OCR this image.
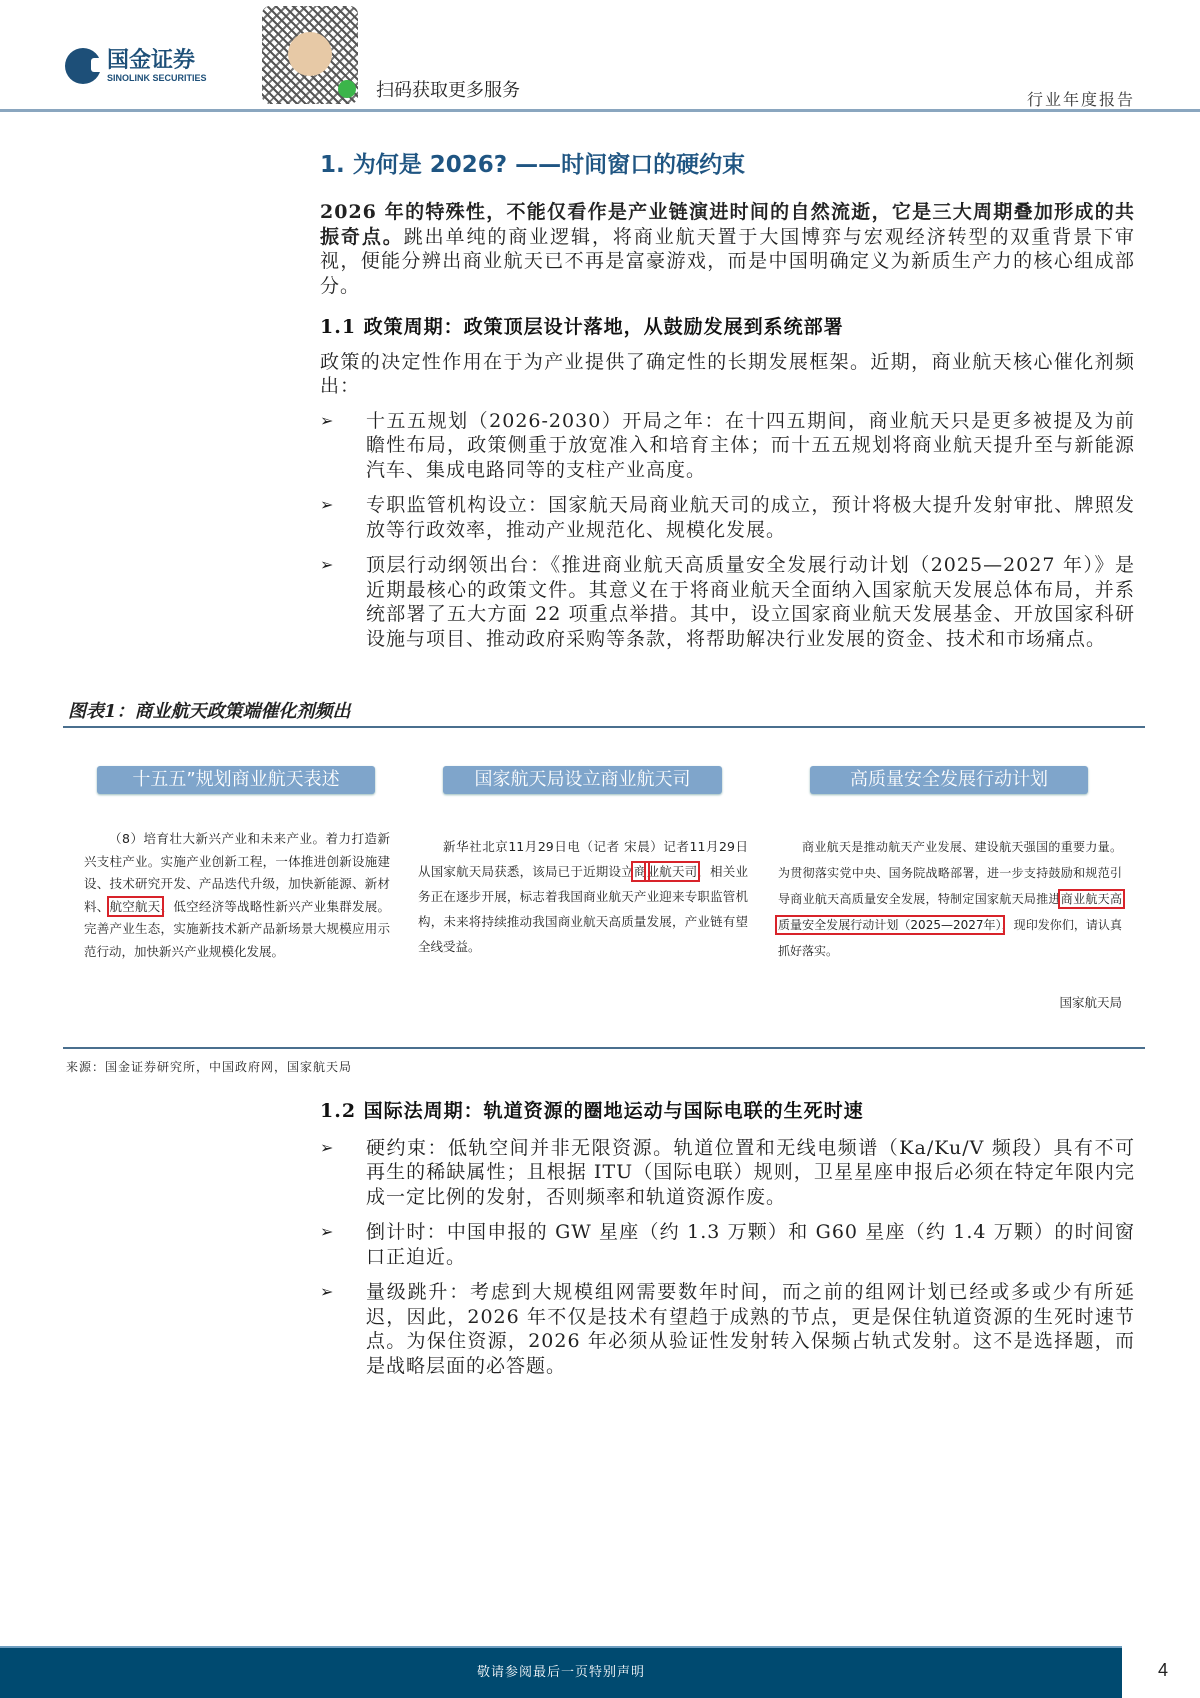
国金证券
SINOLINK SECURITIES
扫码获取更多服务	行业年度报告
1. 为何是 2026? ——时间窗口的硬约束

2026 年的特殊性，不能仅看作是产业链演进时间的自然流逝，它是三大周期叠加形成的共振奇点。跳出单纯的商业逻辑，将商业航天置于大国博弈与宏观经济转型的双重背景下审视，便能分辨出商业航天已不再是富豪游戏，而是中国明确定义为新质生产力的核心组成部分。

1.1 政策周期：政策顶层设计落地，从鼓励发展到系统部署

政策的决定性作用在于为产业提供了确定性的长期发展框架。近期，商业航天核心催化剂频出：

➢ 十五五规划（2026-2030）开局之年：在十四五期间，商业航天只是更多被提及为前瞻性布局，政策侧重于放宽准入和培育主体；而十五五规划将商业航天提升至与新能源汽车、集成电路同等的支柱产业高度。
➢ 专职监管机构设立：国家航天局商业航天司的成立，预计将极大提升发射审批、牌照发放等行政效率，推动产业规范化、规模化发展。
➢ 顶层行动纲领出台：《推进商业航天高质量安全发展行动计划（2025—2027 年）》是近期最核心的政策文件。其意义在于将商业航天全面纳入国家航天发展总体布局，并系统部署了五大方面 22 项重点举措。其中，设立国家商业航天发展基金、开放国家科研设施与项目、推动政府采购等条款，将帮助解决行业发展的资金、技术和市场痛点。
图表1：商业航天政策端催化剂频出
十五五”规划商业航天表述	国家航天局设立商业航天司	高质量安全发展行动计划
（8）培育壮大新兴产业和未来产业。着力打造新兴支柱产业。实施产业创新工程，一体推进创新设施建设、技术研究开发、产品迭代升级，加快新能源、新材料、航空航天、低空经济等战略性新兴产业集群发展。完善产业生态，实施新技术新产品新场景大规模应用示范行动，加快新兴产业规模化发展。
新华社北京11月29日电（记者 宋晨）记者11月29日从国家航天局获悉，该局已于近期设立商业航天司，相关业务正在逐步开展，标志着我国商业航天产业迎来专职监管机构，未来将持续推动我国商业航天高质量发展，产业链有望全线受益。
商业航天是推动航天产业发展、建设航天强国的重要力量。为贯彻落实党中央、国务院战略部署，进一步支持鼓励和规范引导商业航天高质量安全发展，特制定国家航天局推进商业航天高质量安全发展行动计划（2025—2027年），现印发你们，请认真抓好落实。
国家航天局
来源：国金证券研究所，中国政府网，国家航天局

1.2 国际法周期：轨道资源的圈地运动与国际电联的生死时速

➢ 硬约束：低轨空间并非无限资源。轨道位置和无线电频谱（Ka/Ku/V 频段）具有不可再生的稀缺属性；且根据 ITU（国际电联）规则，卫星星座申报后必须在特定年限内完成一定比例的发射，否则频率和轨道资源作废。
➢ 倒计时：中国申报的 GW 星座（约 1.3 万颗）和 G60 星座（约 1.4 万颗）的时间窗口正迫近。
➢ 量级跳升：考虑到大规模组网需要数年时间，而之前的组网计划已经或多或少有所延迟，因此，2026 年不仅是技术有望趋于成熟的节点，更是保住轨道资源的生死时速节点。为保住资源，2026 年必须从验证性发射转入保频占轨式发射。这不是选择题，而是战略层面的必答题。
敬请参阅最后一页特别声明	4
